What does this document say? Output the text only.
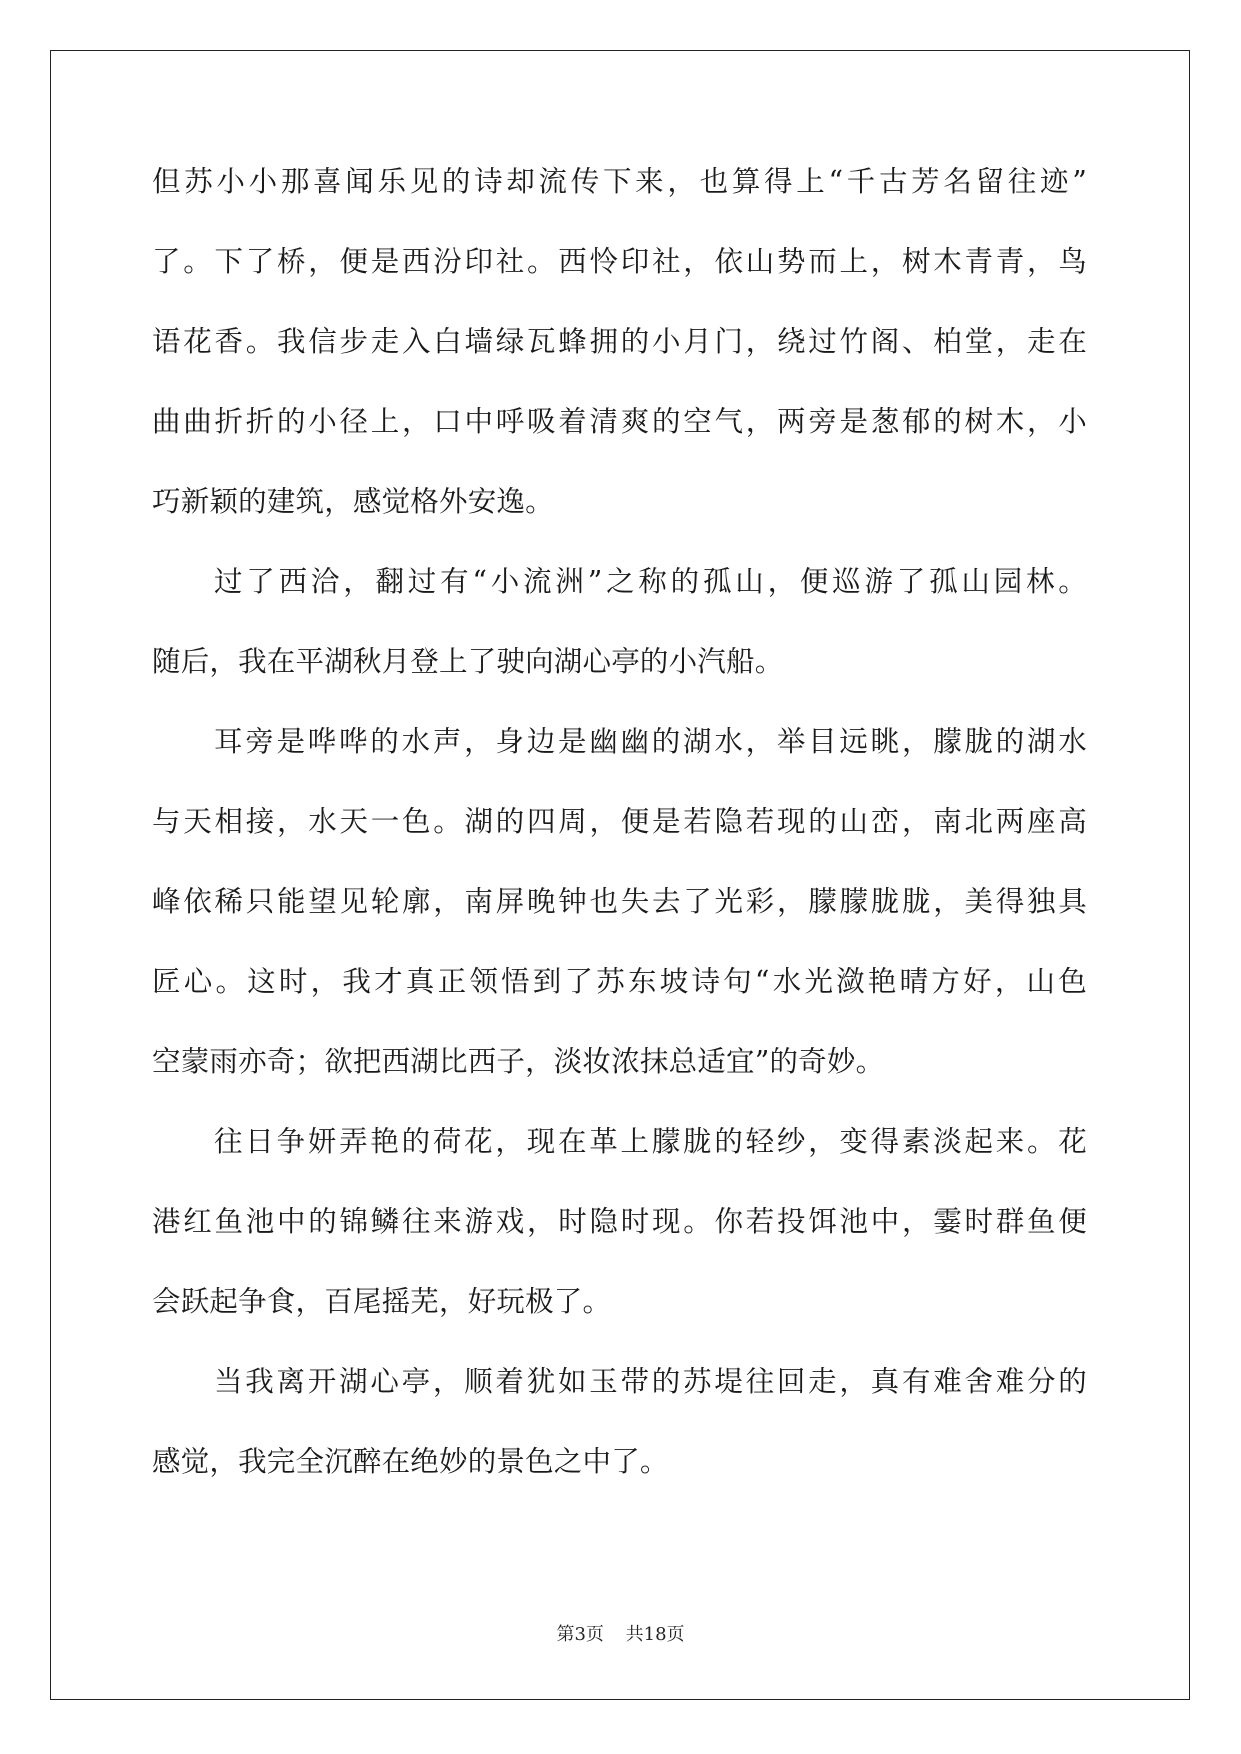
但苏小小那喜闻乐见的诗却流传下来，也算得上“千古芳名留往迹”
了。下了桥，便是西汾印社。西怜印社，依山势而上，树木青青，鸟
语花香。我信步走入白墙绿瓦蜂拥的小月门，绕过竹阁、柏堂，走在
曲曲折折的小径上，口中呼吸着清爽的空气，两旁是葱郁的树木，小
巧新颖的建筑，感觉格外安逸。
过了西洽，翻过有“小流洲”之称的孤山，便巡游了孤山园林。
随后，我在平湖秋月登上了驶向湖心亭的小汽船。
耳旁是哗哗的水声，身边是幽幽的湖水，举目远眺，朦胧的湖水
与天相接，水天一色。湖的四周，便是若隐若现的山峦，南北两座高
峰依稀只能望见轮廓，南屏晚钟也失去了光彩，朦朦胧胧，美得独具
匠心。这时，我才真正领悟到了苏东坡诗句“水光潋艳晴方好，山色
空蒙雨亦奇；欲把西湖比西子，淡妆浓抹总适宜”的奇妙。
往日争妍弄艳的荷花，现在革上朦胧的轻纱，变得素淡起来。花
港红鱼池中的锦鳞往来游戏，时隐时现。你若投饵池中，霎时群鱼便
会跃起争食，百尾摇芜，好玩极了。
当我离开湖心亭，顺着犹如玉带的苏堤往回走，真有难舍难分的
感觉，我完全沉醉在绝妙的景色之中了。
第3页 共18页
